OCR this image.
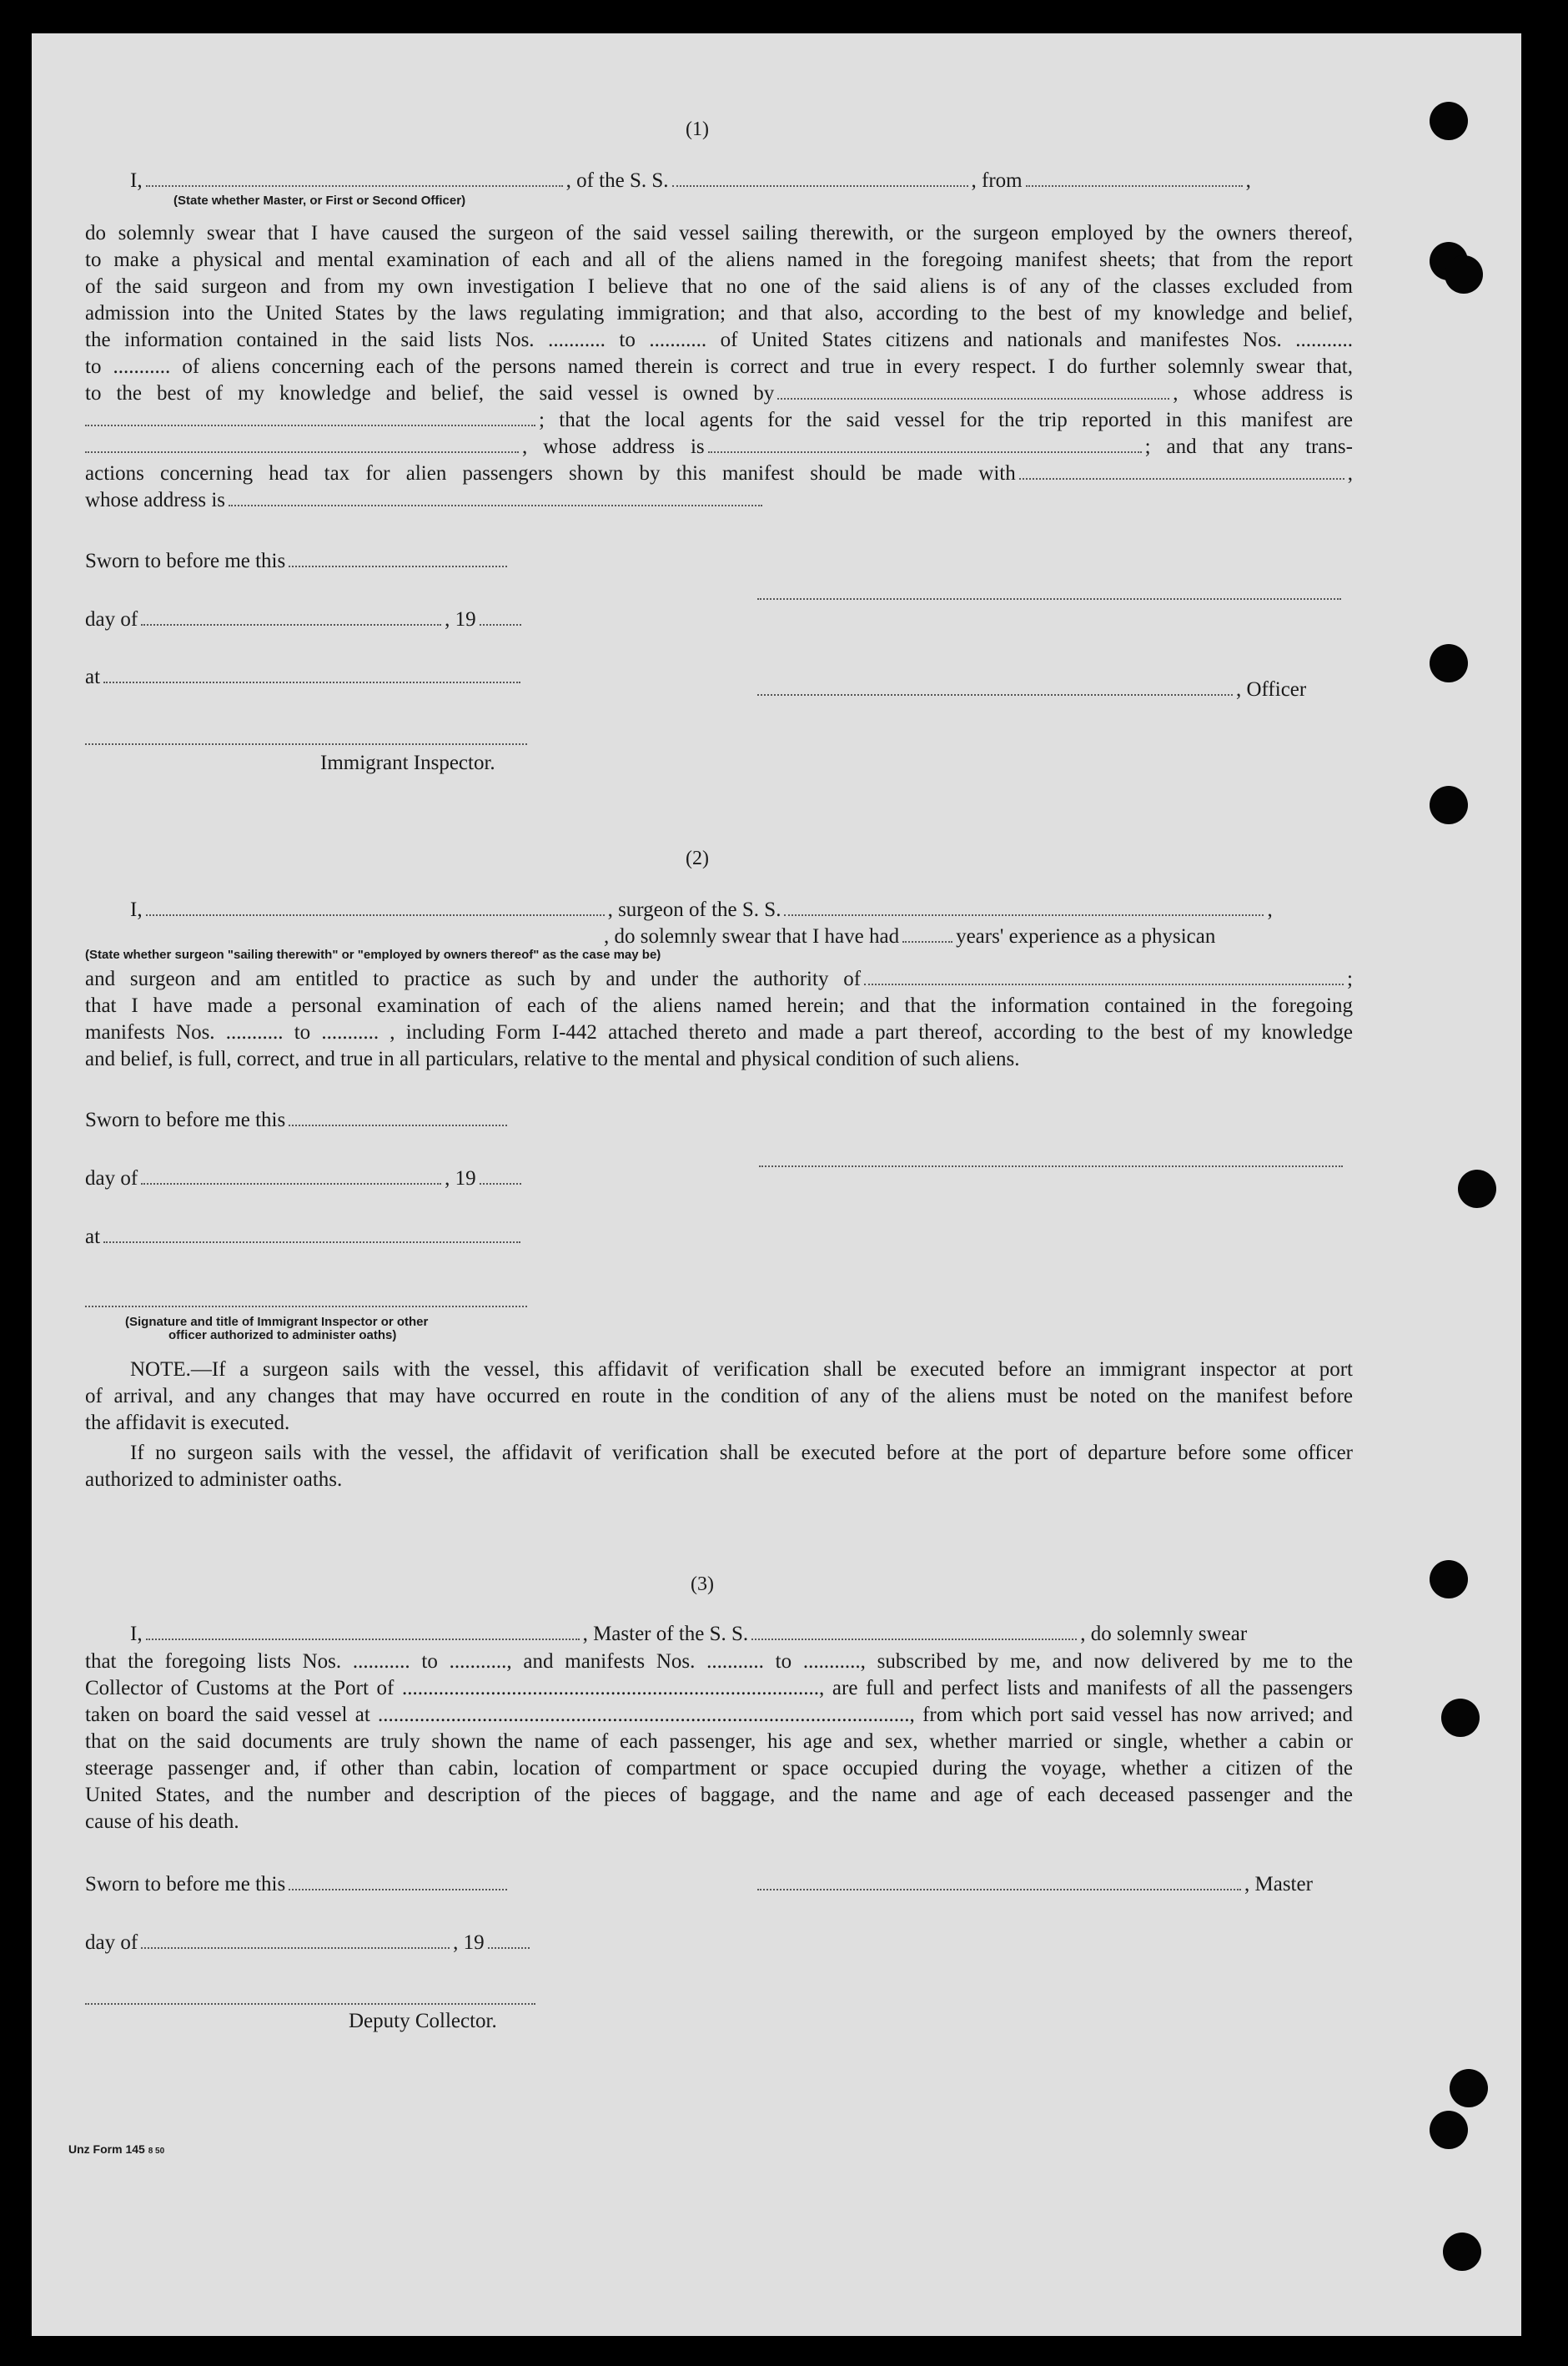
(1)
I,	, of the S. S.	, from	,
(State whether Master, or First or Second Officer)
do solemnly swear that I have caused the surgeon of the said vessel sailing therewith, or the surgeon employed by the owners thereof,
to make a physical and mental examination of each and all of the aliens named in the foregoing manifest sheets; that from the report
of the said surgeon and from my own investigation I believe that no one of the said aliens is of any of the classes excluded from
admission into the United States by the laws regulating immigration; and that also, according to the best of my knowledge and belief,
the information contained in the said lists Nos. ........... to ........... of United States citizens and nationals and manifestes Nos. ...........
to ........... of aliens concerning each of the persons named therein is correct and true in every respect. I do further solemnly swear that,
to the best of my knowledge and belief, the said vessel is owned by	, whose address is
; that the local agents for the said vessel for the trip reported in this manifest are
, whose address is	; and that any trans-
actions concerning head tax for alien passengers shown by this manifest should be made with	,
whose address is
Sworn to before me this
day of	, 19
at
, Officer
Immigrant Inspector.
(2)
I,	, surgeon of the S. S.	,
, do solemnly swear that I have had	years' experience as a physican
(State whether surgeon "sailing therewith" or "employed by owners thereof" as the case may be)
and surgeon and am entitled to practice as such by and under the authority of	;
that I have made a personal examination of each of the aliens named herein; and that the information contained in the foregoing
manifests Nos. ........... to ........... , including Form I-442 attached thereto and made a part thereof, according to the best of my knowledge
and belief, is full, correct, and true in all particulars, relative to the mental and physical condition of such aliens.
Sworn to before me this
day of	, 19
at
(Signature and title of Immigrant Inspector or other
officer authorized to administer oaths)
NOTE.—If a surgeon sails with the vessel, this affidavit of verification shall be executed before an immigrant inspector at port
of arrival, and any changes that may have occurred en route in the condition of any of the aliens must be noted on the manifest before
the affidavit is executed.
If no surgeon sails with the vessel, the affidavit of verification shall be executed before at the port of departure before some officer
authorized to administer oaths.
(3)
I,	, Master of the S. S.	, do solemnly swear
that the foregoing lists Nos. ........... to ..........., and manifests Nos. ........... to ..........., subscribed by me, and now delivered by me to the
Collector of Customs at the Port of ................................................................................, are full and perfect lists and manifests of all the passengers
taken on board the said vessel at ......................................................................................................, from which port said vessel has now arrived; and
that on the said documents are truly shown the name of each passenger, his age and sex, whether married or single, whether a cabin or
steerage passenger and, if other than cabin, location of compartment or space occupied during the voyage, whether a citizen of the
United States, and the number and description of the pieces of baggage, and the name and age of each deceased passenger and the
cause of his death.
Sworn to before me this	, Master
day of	, 19
Deputy Collector.
Unz Form 145 8 50
